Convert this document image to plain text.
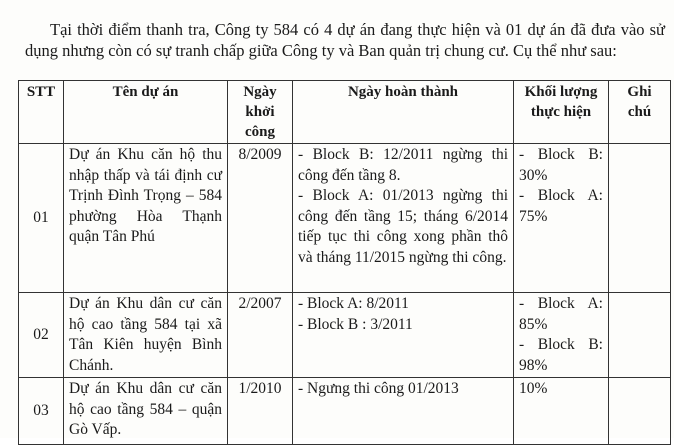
Tại thời điểm thanh tra, Công ty 584 có 4 dự án đang thực hiện và 01 dự án đã đưa vào sử dụng nhưng còn có sự tranh chấp giữa Công ty và Ban quản trị chung cư. Cụ thể như sau:

STT	Tên dự án	Ngày khởi công	Ngày hoàn thành	Khối lượng thực hiện	Ghi chú
01	Dự án Khu căn hộ thu nhập thấp và tái định cư Trịnh Đình Trọng – 584 phường Hòa Thạnh quận Tân Phú	8/2009	- Block B: 12/2011 ngừng thi công đến tầng 8.
- Block A: 01/2013 ngừng thi công đến tầng 15; tháng 6/2014 tiếp tục thi công xong phần thô và tháng 11/2015 ngừng thi công.	- Block B: 30%
- Block A: 75%	

02	Dự án Khu dân cư căn hộ cao tầng 584 tại xã Tân Kiên huyện Bình Chánh.	2/2007	- Block A: 8/2011
- Block B : 3/2011	- Block A: 85%
- Block B: 98%	

03	Dự án Khu dân cư căn hộ cao tầng 584 – quận Gò Vấp.	1/2010	- Ngưng thi công 01/2013	10%	
